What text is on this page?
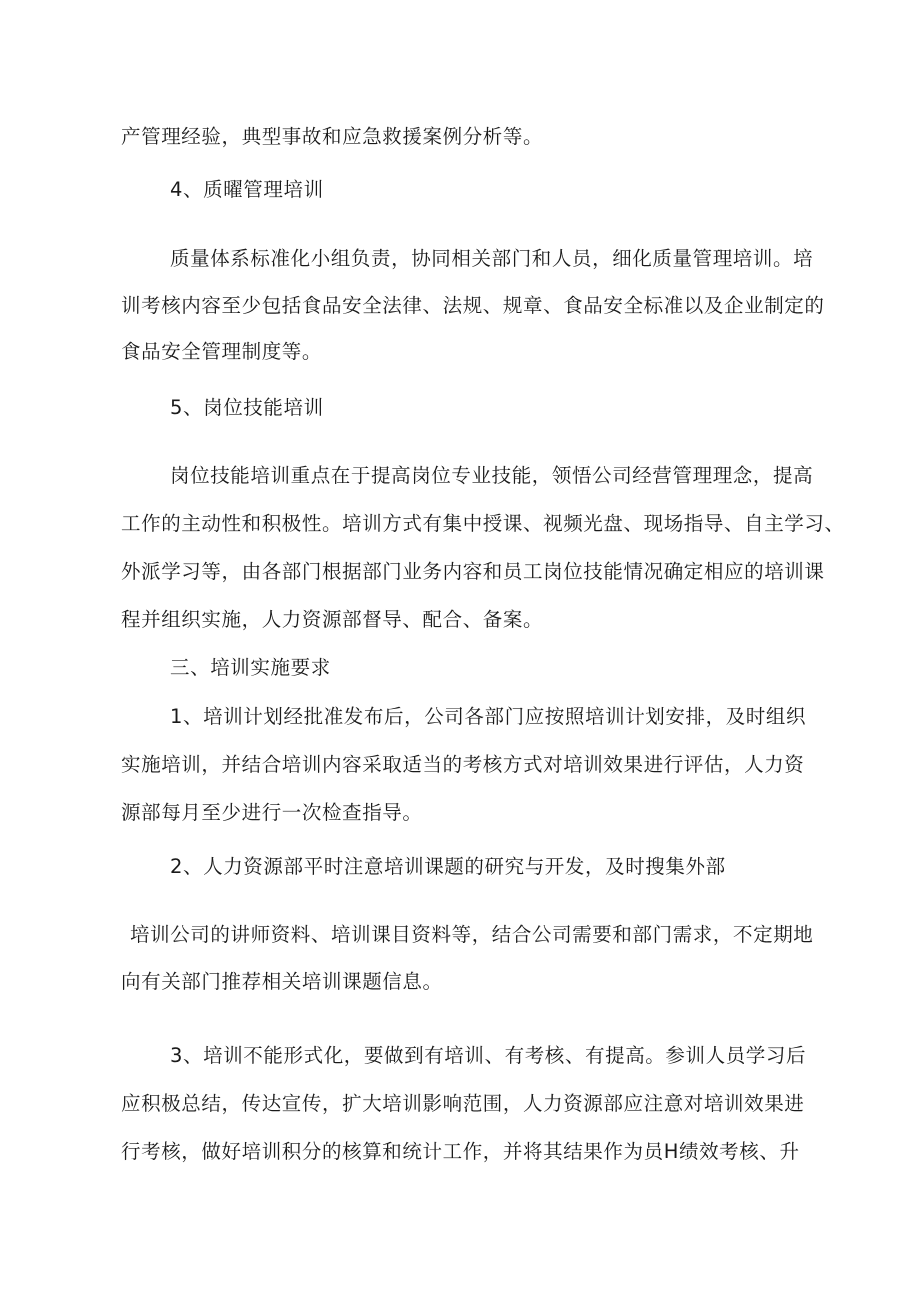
产管理经验，典型事故和应急救援案例分析等。
4、质曜管理培训
质量体系标准化小组负责，协同相关部门和人员，细化质量管理培训。培
训考核内容至少包括食品安全法律、法规、规章、食品安全标准以及企业制定的
食品安全管理制度等。
5、岗位技能培训
岗位技能培训重点在于提高岗位专业技能，领悟公司经营管理理念，提高
工作的主动性和积极性。培训方式有集中授课、视频光盘、现场指导、自主学习、
外派学习等，由各部门根据部门业务内容和员工岗位技能情况确定相应的培训课
程并组织实施，人力资源部督导、配合、备案。
三、培训实施要求
1、培训计划经批准发布后，公司各部门应按照培训计划安排，及时组织
实施培训，并结合培训内容采取适当的考核方式对培训效果进行评估，人力资
源部每月至少进行一次检查指导。
2、人力资源部平时注意培训课题的研究与开发，及时搜集外部
培训公司的讲师资料、培训课目资料等，结合公司需要和部门需求，不定期地
向有关部门推荐相关培训课题信息。
3、培训不能形式化，要做到有培训、有考核、有提高。参训人员学习后
应积极总结，传达宣传，扩大培训影响范围，人力资源部应注意对培训效果进
行考核，做好培训积分的核算和统计工作，并将其结果作为员H绩效考核、升
